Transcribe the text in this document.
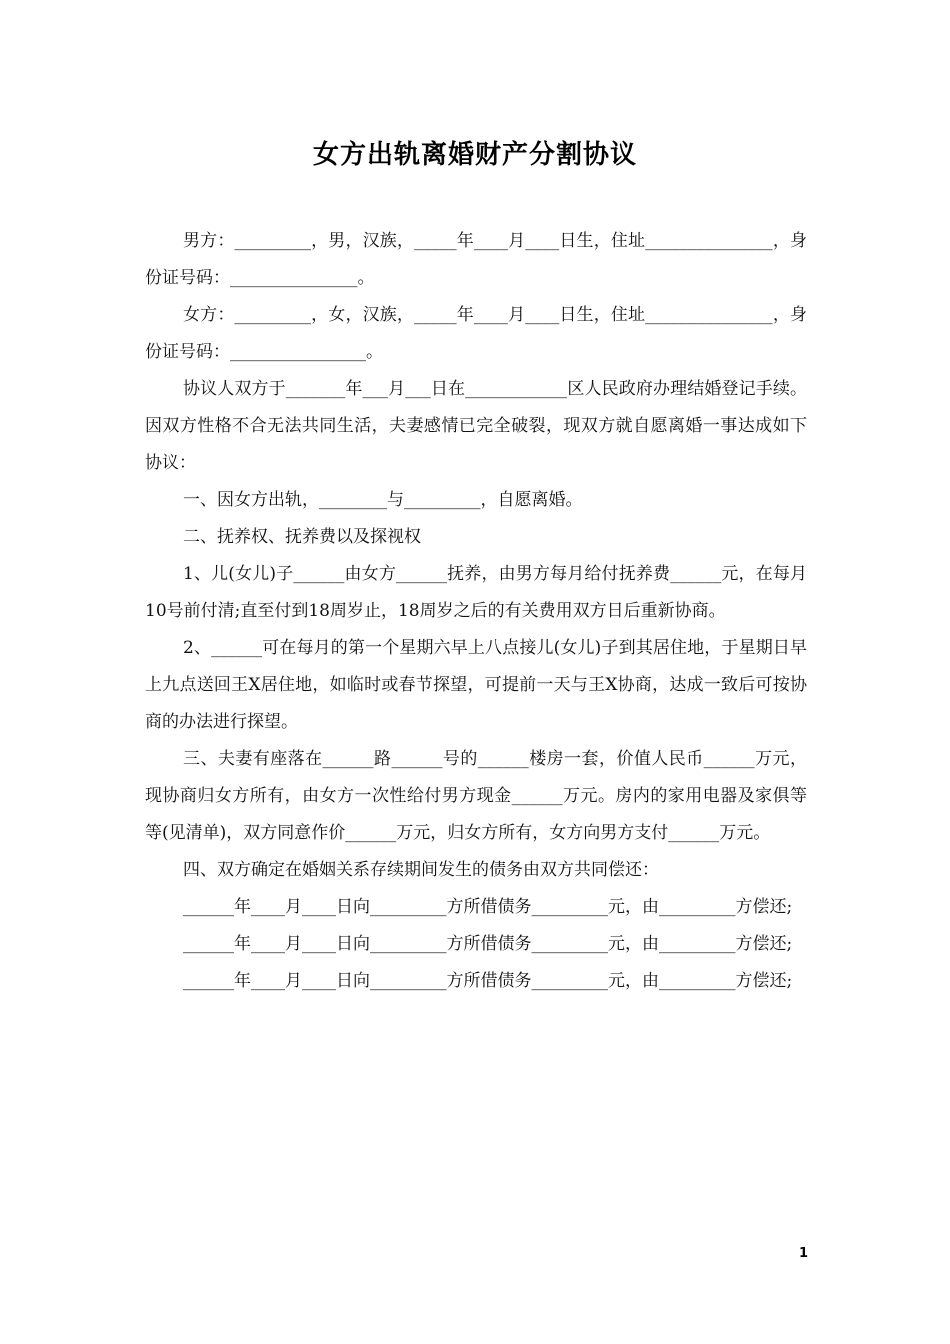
女方出轨离婚财产分割协议

男方：_________，男，汉族，_____年____月____日生，住址_______________，身份证号码：_______________。

女方：_________，女，汉族，_____年____月____日生，住址_______________，身份证号码：________________。

协议人双方于_______年___月___日在____________区人民政府办理结婚登记手续。因双方性格不合无法共同生活，夫妻感情已完全破裂，现双方就自愿离婚一事达成如下协议：

一、因女方出轨，________与_________，自愿离婚。

二、抚养权、抚养费以及探视权

1、儿(女儿)子______由女方______抚养，由男方每月给付抚养费______元，在每月10号前付清;直至付到18周岁止，18周岁之后的有关费用双方日后重新协商。

2、______可在每月的第一个星期六早上八点接儿(女儿)子到其居住地，于星期日早上九点送回王X居住地，如临时或春节探望，可提前一天与王X协商，达成一致后可按协商的办法进行探望。

三、夫妻有座落在______路______号的______楼房一套，价值人民币______万元，现协商归女方所有，由女方一次性给付男方现金______万元。房内的家用电器及家俱等等(见清单)，双方同意作价______万元，归女方所有，女方向男方支付______万元。

四、双方确定在婚姻关系存续期间发生的债务由双方共同偿还：

______年____月____日向_________方所借债务_________元，由_________方偿还;

______年____月____日向_________方所借债务_________元，由_________方偿还;

______年____月____日向_________方所借债务_________元，由_________方偿还;

1
